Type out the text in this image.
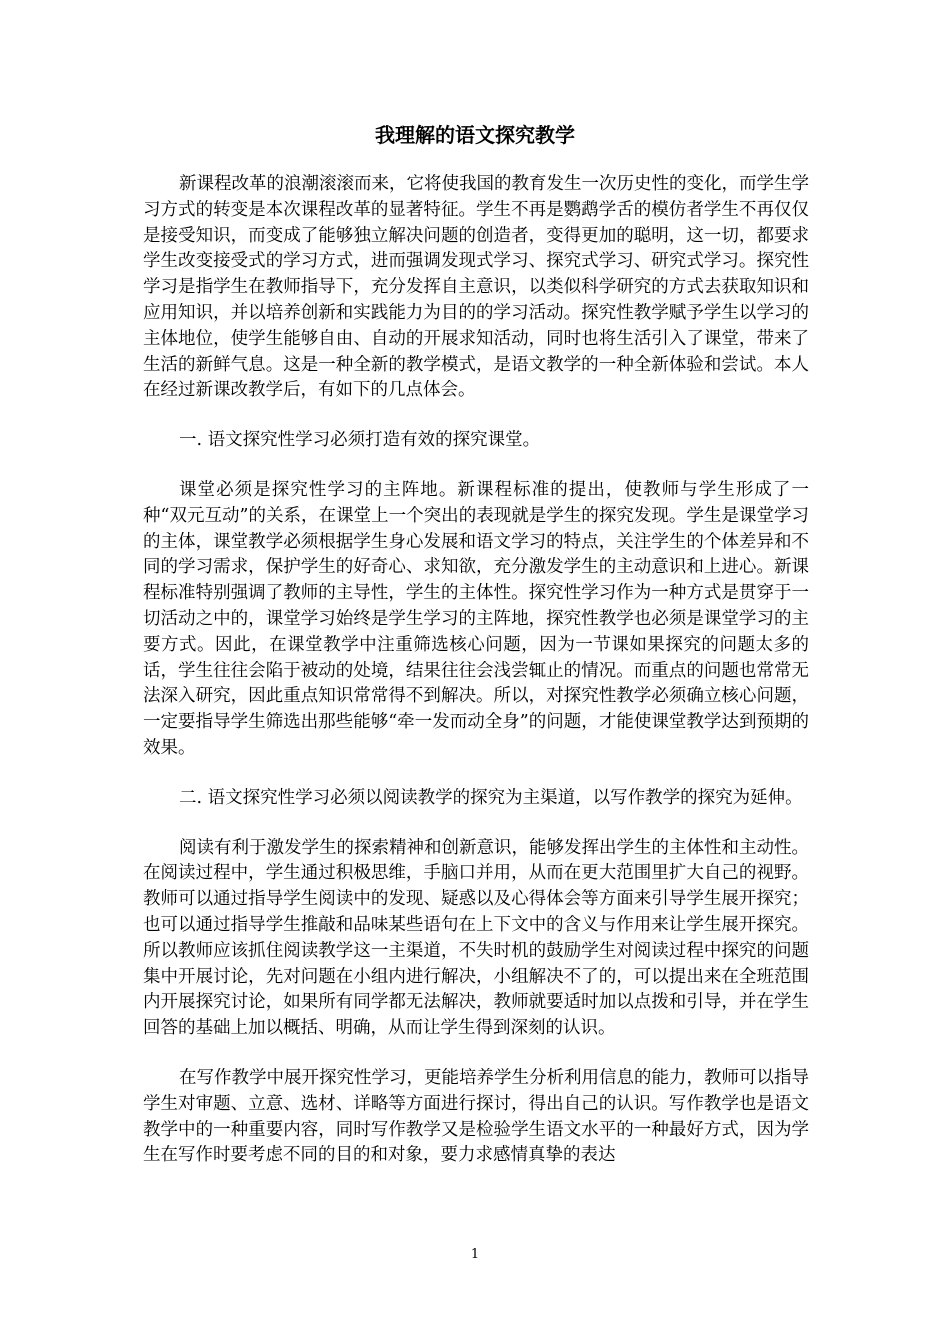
我理解的语文探究教学

新课程改革的浪潮滚滚而来，它将使我国的教育发生一次历史性的变化，而学生学习方式的转变是本次课程改革的显著特征。学生不再是鹦鹉学舌的模仿者学生不再仅仅是接受知识，而变成了能够独立解决问题的创造者，变得更加的聪明，这一切，都要求学生改变接受式的学习方式，进而强调发现式学习、探究式学习、研究式学习。探究性学习是指学生在教师指导下，充分发挥自主意识，以类似科学研究的方式去获取知识和应用知识，并以培养创新和实践能力为目的的学习活动。探究性教学赋予学生以学习的主体地位，使学生能够自由、自动的开展求知活动，同时也将生活引入了课堂，带来了生活的新鲜气息。这是一种全新的教学模式，是语文教学的一种全新体验和尝试。本人在经过新课改教学后，有如下的几点体会。

一. 语文探究性学习必须打造有效的探究课堂。

课堂必须是探究性学习的主阵地。新课程标准的提出，使教师与学生形成了一种“双元互动”的关系，在课堂上一个突出的表现就是学生的探究发现。学生是课堂学习的主体，课堂教学必须根据学生身心发展和语文学习的特点，关注学生的个体差异和不同的学习需求，保护学生的好奇心、求知欲，充分激发学生的主动意识和上进心。新课程标准特别强调了教师的主导性，学生的主体性。探究性学习作为一种方式是贯穿于一切活动之中的，课堂学习始终是学生学习的主阵地，探究性教学也必须是课堂学习的主要方式。因此，在课堂教学中注重筛选核心问题，因为一节课如果探究的问题太多的话，学生往往会陷于被动的处境，结果往往会浅尝辄止的情况。而重点的问题也常常无法深入研究，因此重点知识常常得不到解决。所以，对探究性教学必须确立核心问题，一定要指导学生筛选出那些能够“牵一发而动全身”的问题，才能使课堂教学达到预期的效果。

二. 语文探究性学习必须以阅读教学的探究为主渠道，以写作教学的探究为延伸。

阅读有利于激发学生的探索精神和创新意识，能够发挥出学生的主体性和主动性。在阅读过程中，学生通过积极思维，手脑口并用，从而在更大范围里扩大自己的视野。教师可以通过指导学生阅读中的发现、疑惑以及心得体会等方面来引导学生展开探究；也可以通过指导学生推敲和品味某些语句在上下文中的含义与作用来让学生展开探究。所以教师应该抓住阅读教学这一主渠道，不失时机的鼓励学生对阅读过程中探究的问题集中开展讨论，先对问题在小组内进行解决，小组解决不了的，可以提出来在全班范围内开展探究讨论，如果所有同学都无法解决，教师就要适时加以点拨和引导，并在学生回答的基础上加以概括、明确，从而让学生得到深刻的认识。

在写作教学中展开探究性学习，更能培养学生分析利用信息的能力，教师可以指导学生对审题、立意、选材、详略等方面进行探讨，得出自己的认识。写作教学也是语文教学中的一种重要内容，同时写作教学又是检验学生语文水平的一种最好方式，因为学生在写作时要考虑不同的目的和对象，要力求感情真挚的表达

1
